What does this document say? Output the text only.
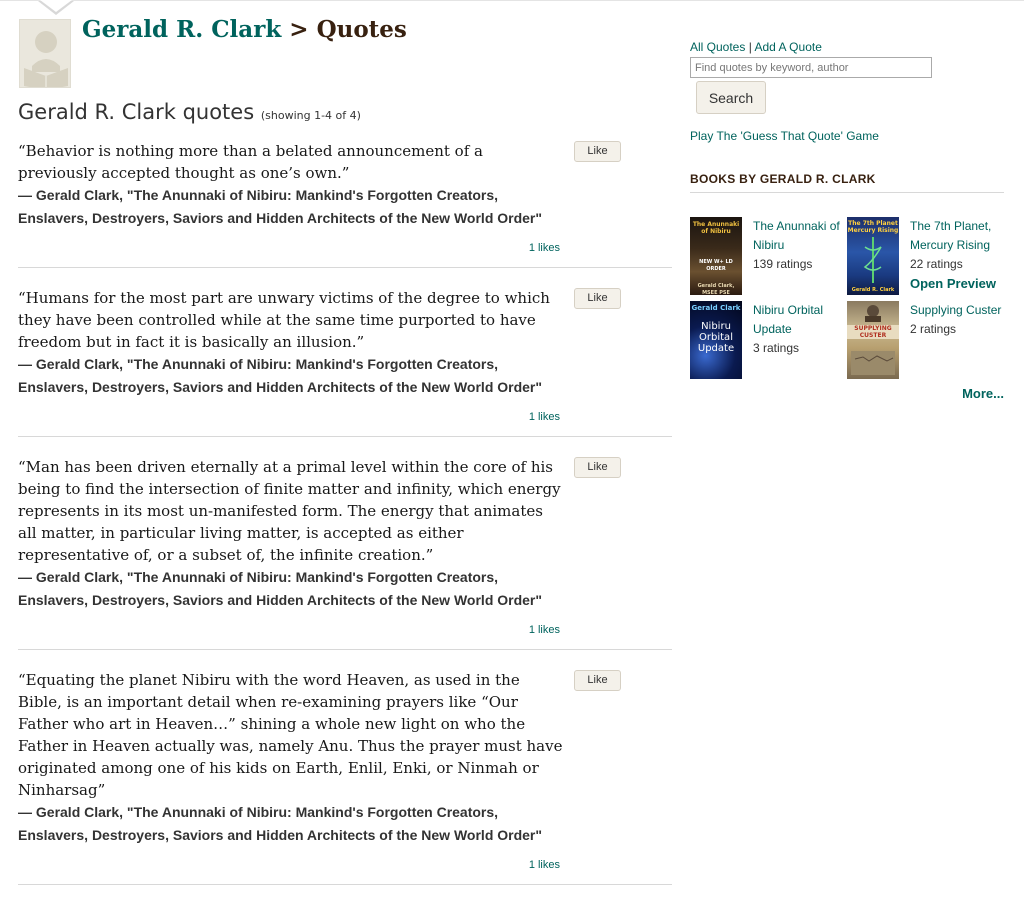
Gerald R. Clark > Quotes
Gerald R. Clark quotes (showing 1-4 of 4)

“Behavior is nothing more than a belated announcement of a previously accepted thought as one’s own.”

― Gerald Clark, "The Anunnaki of Nibiru: Mankind's Forgotten Creators, Enslavers, Destroyers, Saviors and Hidden Architects of the New World Order"

Like
1 likes

“Humans for the most part are unwary victims of the degree to which they have been controlled while at the same time purported to have freedom but in fact it is basically an illusion.”

― Gerald Clark, "The Anunnaki of Nibiru: Mankind's Forgotten Creators, Enslavers, Destroyers, Saviors and Hidden Architects of the New World Order"

Like
1 likes

“Man has been driven eternally at a primal level within the core of his being to find the intersection of finite matter and infinity, which energy represents in its most un-manifested form. The energy that animates all matter, in particular living matter, is accepted as either representative of, or a subset of, the infinite creation.”

― Gerald Clark, "The Anunnaki of Nibiru: Mankind's Forgotten Creators, Enslavers, Destroyers, Saviors and Hidden Architects of the New World Order"

Like
1 likes

“Equating the planet Nibiru with the word Heaven, as used in the Bible, is an important detail when re-examining prayers like “Our Father who art in Heaven…” shining a whole new light on who the Father in Heaven actually was, namely Anu. Thus the prayer must have originated among one of his kids on Earth, Enlil, Enki, or Ninmah or Ninharsag”

― Gerald Clark, "The Anunnaki of Nibiru: Mankind's Forgotten Creators, Enslavers, Destroyers, Saviors and Hidden Architects of the New World Order"

Like
1 likes
All Quotes | Add A Quote
Find quotes by keyword, author
Search
Play The 'Guess That Quote' Game
BOOKS BY GERALD R. CLARK
The Anunnaki of Nibiru
NEW W+ LD ORDER
Gerald Clark, MSEE PSE
The Anunnaki of Nibiru
139 ratings
The 7th Planet Mercury Rising
Gerald R. Clark
The 7th Planet, Mercury Rising
22 ratings
Open Preview
Gerald Clark
Nibiru Orbital Update
Nibiru Orbital Update
3 ratings
SUPPLYING CUSTER
Supplying Custer
2 ratings
More...
